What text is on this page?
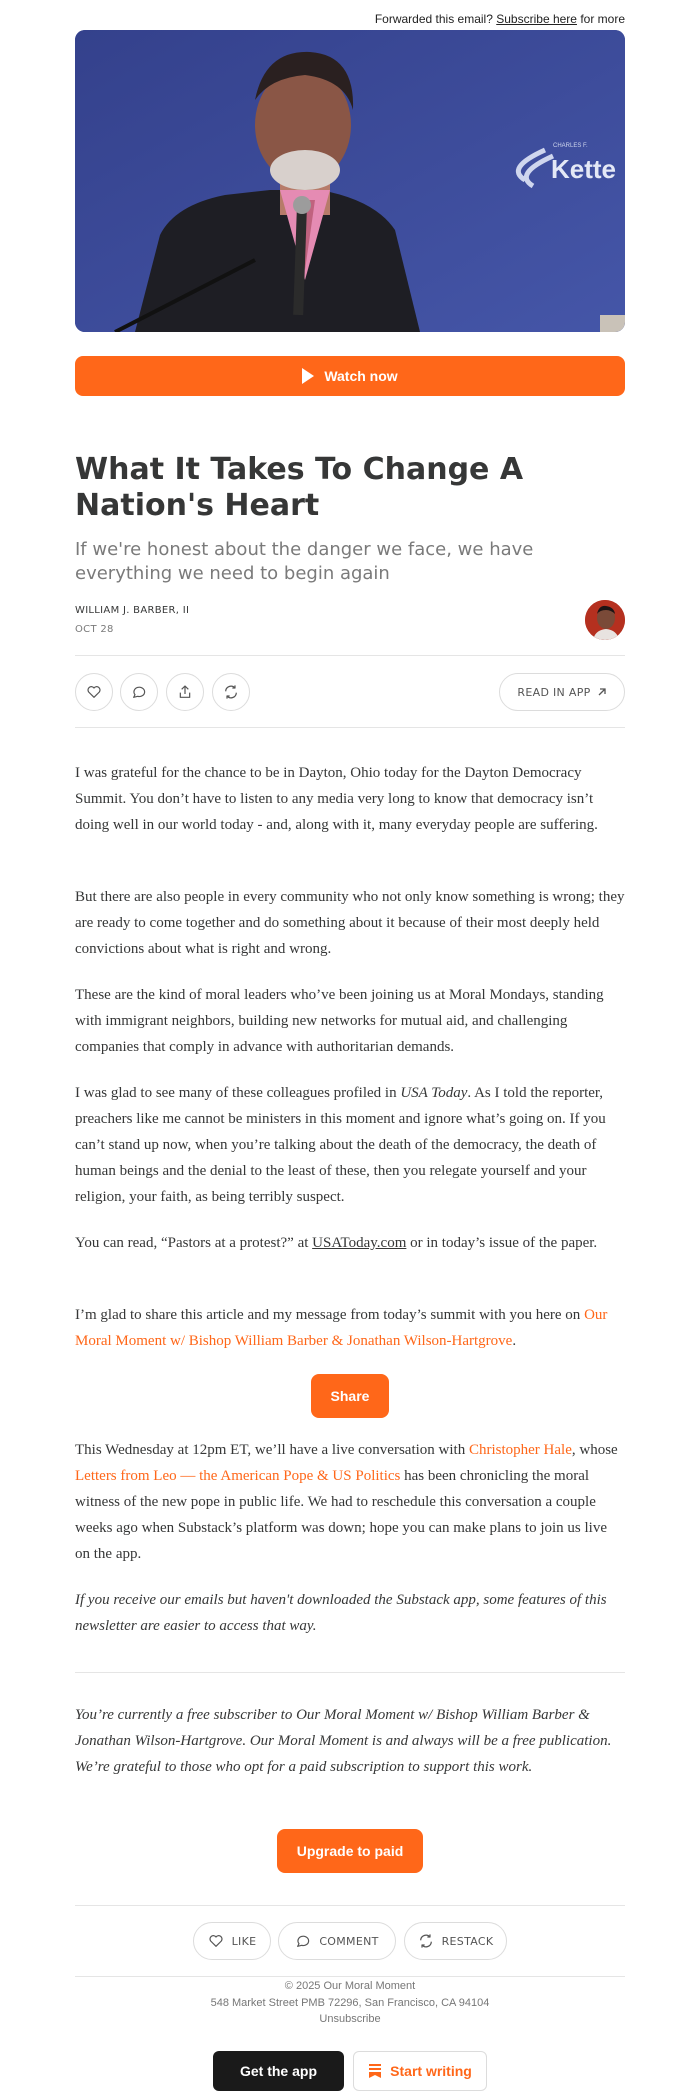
Forwarded this email? Subscribe here for more
CHARLES F.
Kette
Watch now
What It Takes To Change A Nation's Heart
If we're honest about the danger we face, we have everything we need to begin again
WILLIAM J. BARBER, II
OCT 28
READ IN APP

I was grateful for the chance to be in Dayton, Ohio today for the Dayton Democracy Summit. You don’t have to listen to any media very long to know that democracy isn’t doing well in our world today - and, along with it, many everyday people are suffering.

But there are also people in every community who not only know something is wrong; they are ready to come together and do something about it because of their most deeply held convictions about what is right and wrong.

These are the kind of moral leaders who’ve been joining us at Moral Mondays, standing with immigrant neighbors, building new networks for mutual aid, and challenging companies that comply in advance with authoritarian demands.

I was glad to see many of these colleagues profiled in USA Today. As I told the reporter, preachers like me cannot be ministers in this moment and ignore what’s going on. If you can’t stand up now, when you’re talking about the death of the democracy, the death of human beings and the denial to the least of these, then you relegate yourself and your religion, your faith, as being terribly suspect.

You can read, “Pastors at a protest?” at USAToday.com or in today’s issue of the paper.

I’m glad to share this article and my message from today’s summit with you here on Our Moral Moment w/ Bishop William Barber & Jonathan Wilson-Hartgrove.

Share

This Wednesday at 12pm ET, we’ll have a live conversation with Christopher Hale, whose Letters from Leo — the American Pope & US Politics has been chronicling the moral witness of the new pope in public life. We had to reschedule this conversation a couple weeks ago when Substack’s platform was down; hope you can make plans to join us live on the app.

If you receive our emails but haven't downloaded the Substack app, some features of this newsletter are easier to access that way.

You’re currently a free subscriber to Our Moral Moment w/ Bishop William Barber & Jonathan Wilson-Hartgrove. Our Moral Moment is and always will be a free publication. We’re grateful to those who opt for a paid subscription to support this work.

Upgrade to paid
LIKE	COMMENT	RESTACK
© 2025 Our Moral Moment
548 Market Street PMB 72296, San Francisco, CA 94104
Unsubscribe
Get the app	Start writing
